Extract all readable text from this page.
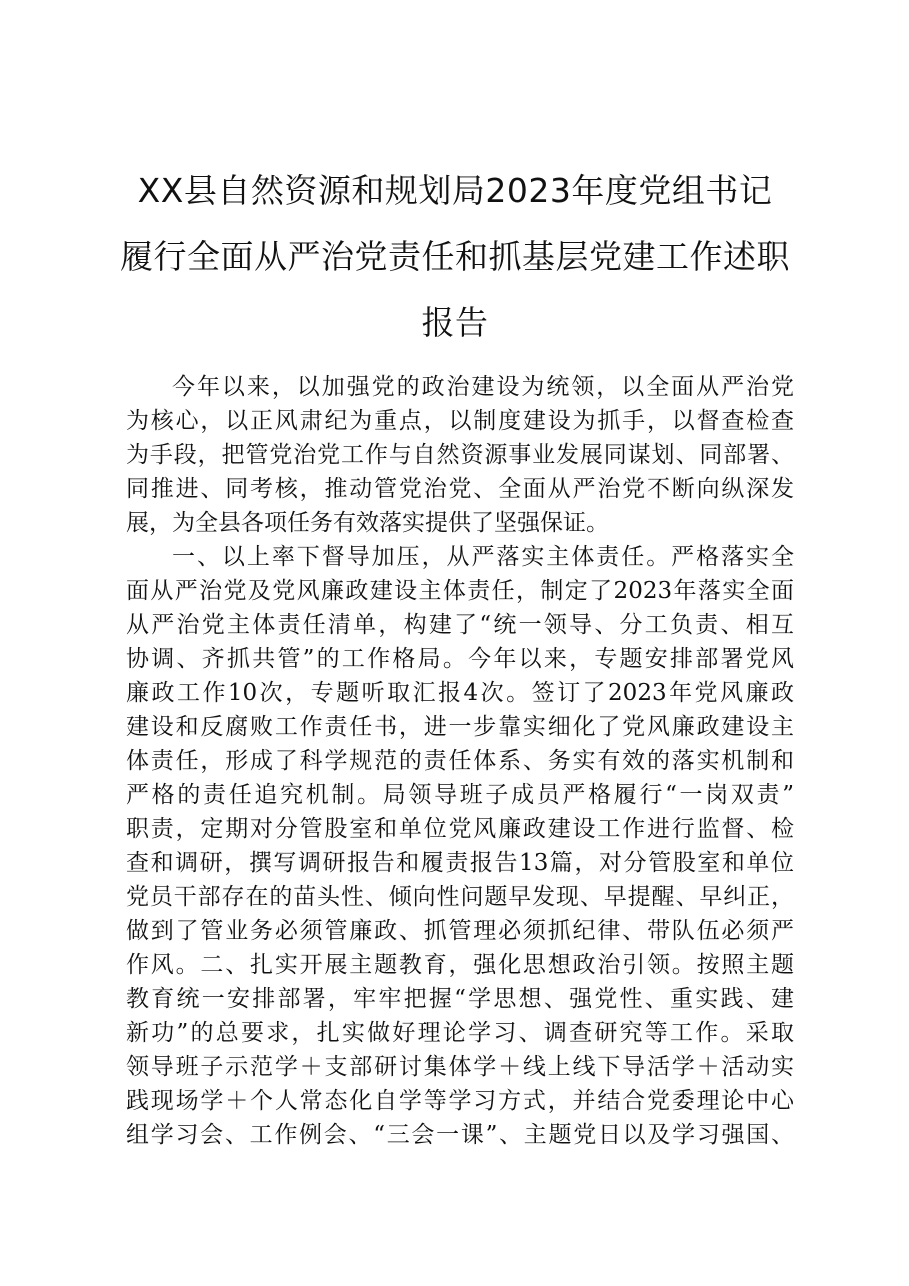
XX县自然资源和规划局2023年度党组书记
履行全面从严治党责任和抓基层党建工作述职
报告
今年以来，以加强党的政治建设为统领，以全面从严治党
为核心，以正风肃纪为重点，以制度建设为抓手，以督查检查
为手段，把管党治党工作与自然资源事业发展同谋划、同部署、
同推进、同考核，推动管党治党、全面从严治党不断向纵深发
展，为全县各项任务有效落实提供了坚强保证。
一、以上率下督导加压，从严落实主体责任。严格落实全
面从严治党及党风廉政建设主体责任，制定了2023年落实全面
从严治党主体责任清单，构建了“统一领导、分工负责、相互
协调、齐抓共管”的工作格局。今年以来，专题安排部署党风
廉政工作10次，专题听取汇报4次。签订了2023年党风廉政
建设和反腐败工作责任书，进一步靠实细化了党风廉政建设主
体责任，形成了科学规范的责任体系、务实有效的落实机制和
严格的责任追究机制。局领导班子成员严格履行“一岗双责”
职责，定期对分管股室和单位党风廉政建设工作进行监督、检
查和调研，撰写调研报告和履责报告13篇，对分管股室和单位
党员干部存在的苗头性、倾向性问题早发现、早提醒、早纠正，
做到了管业务必须管廉政、抓管理必须抓纪律、带队伍必须严
作风。二、扎实开展主题教育，强化思想政治引领。按照主题
教育统一安排部署，牢牢把握“学思想、强党性、重实践、建
新功”的总要求，扎实做好理论学习、调查研究等工作。采取
领导班子示范学＋支部研讨集体学＋线上线下导活学＋活动实
践现场学＋个人常态化自学等学习方式，并结合党委理论中心
组学习会、工作例会、“三会一课”、主题党日以及学习强国、
